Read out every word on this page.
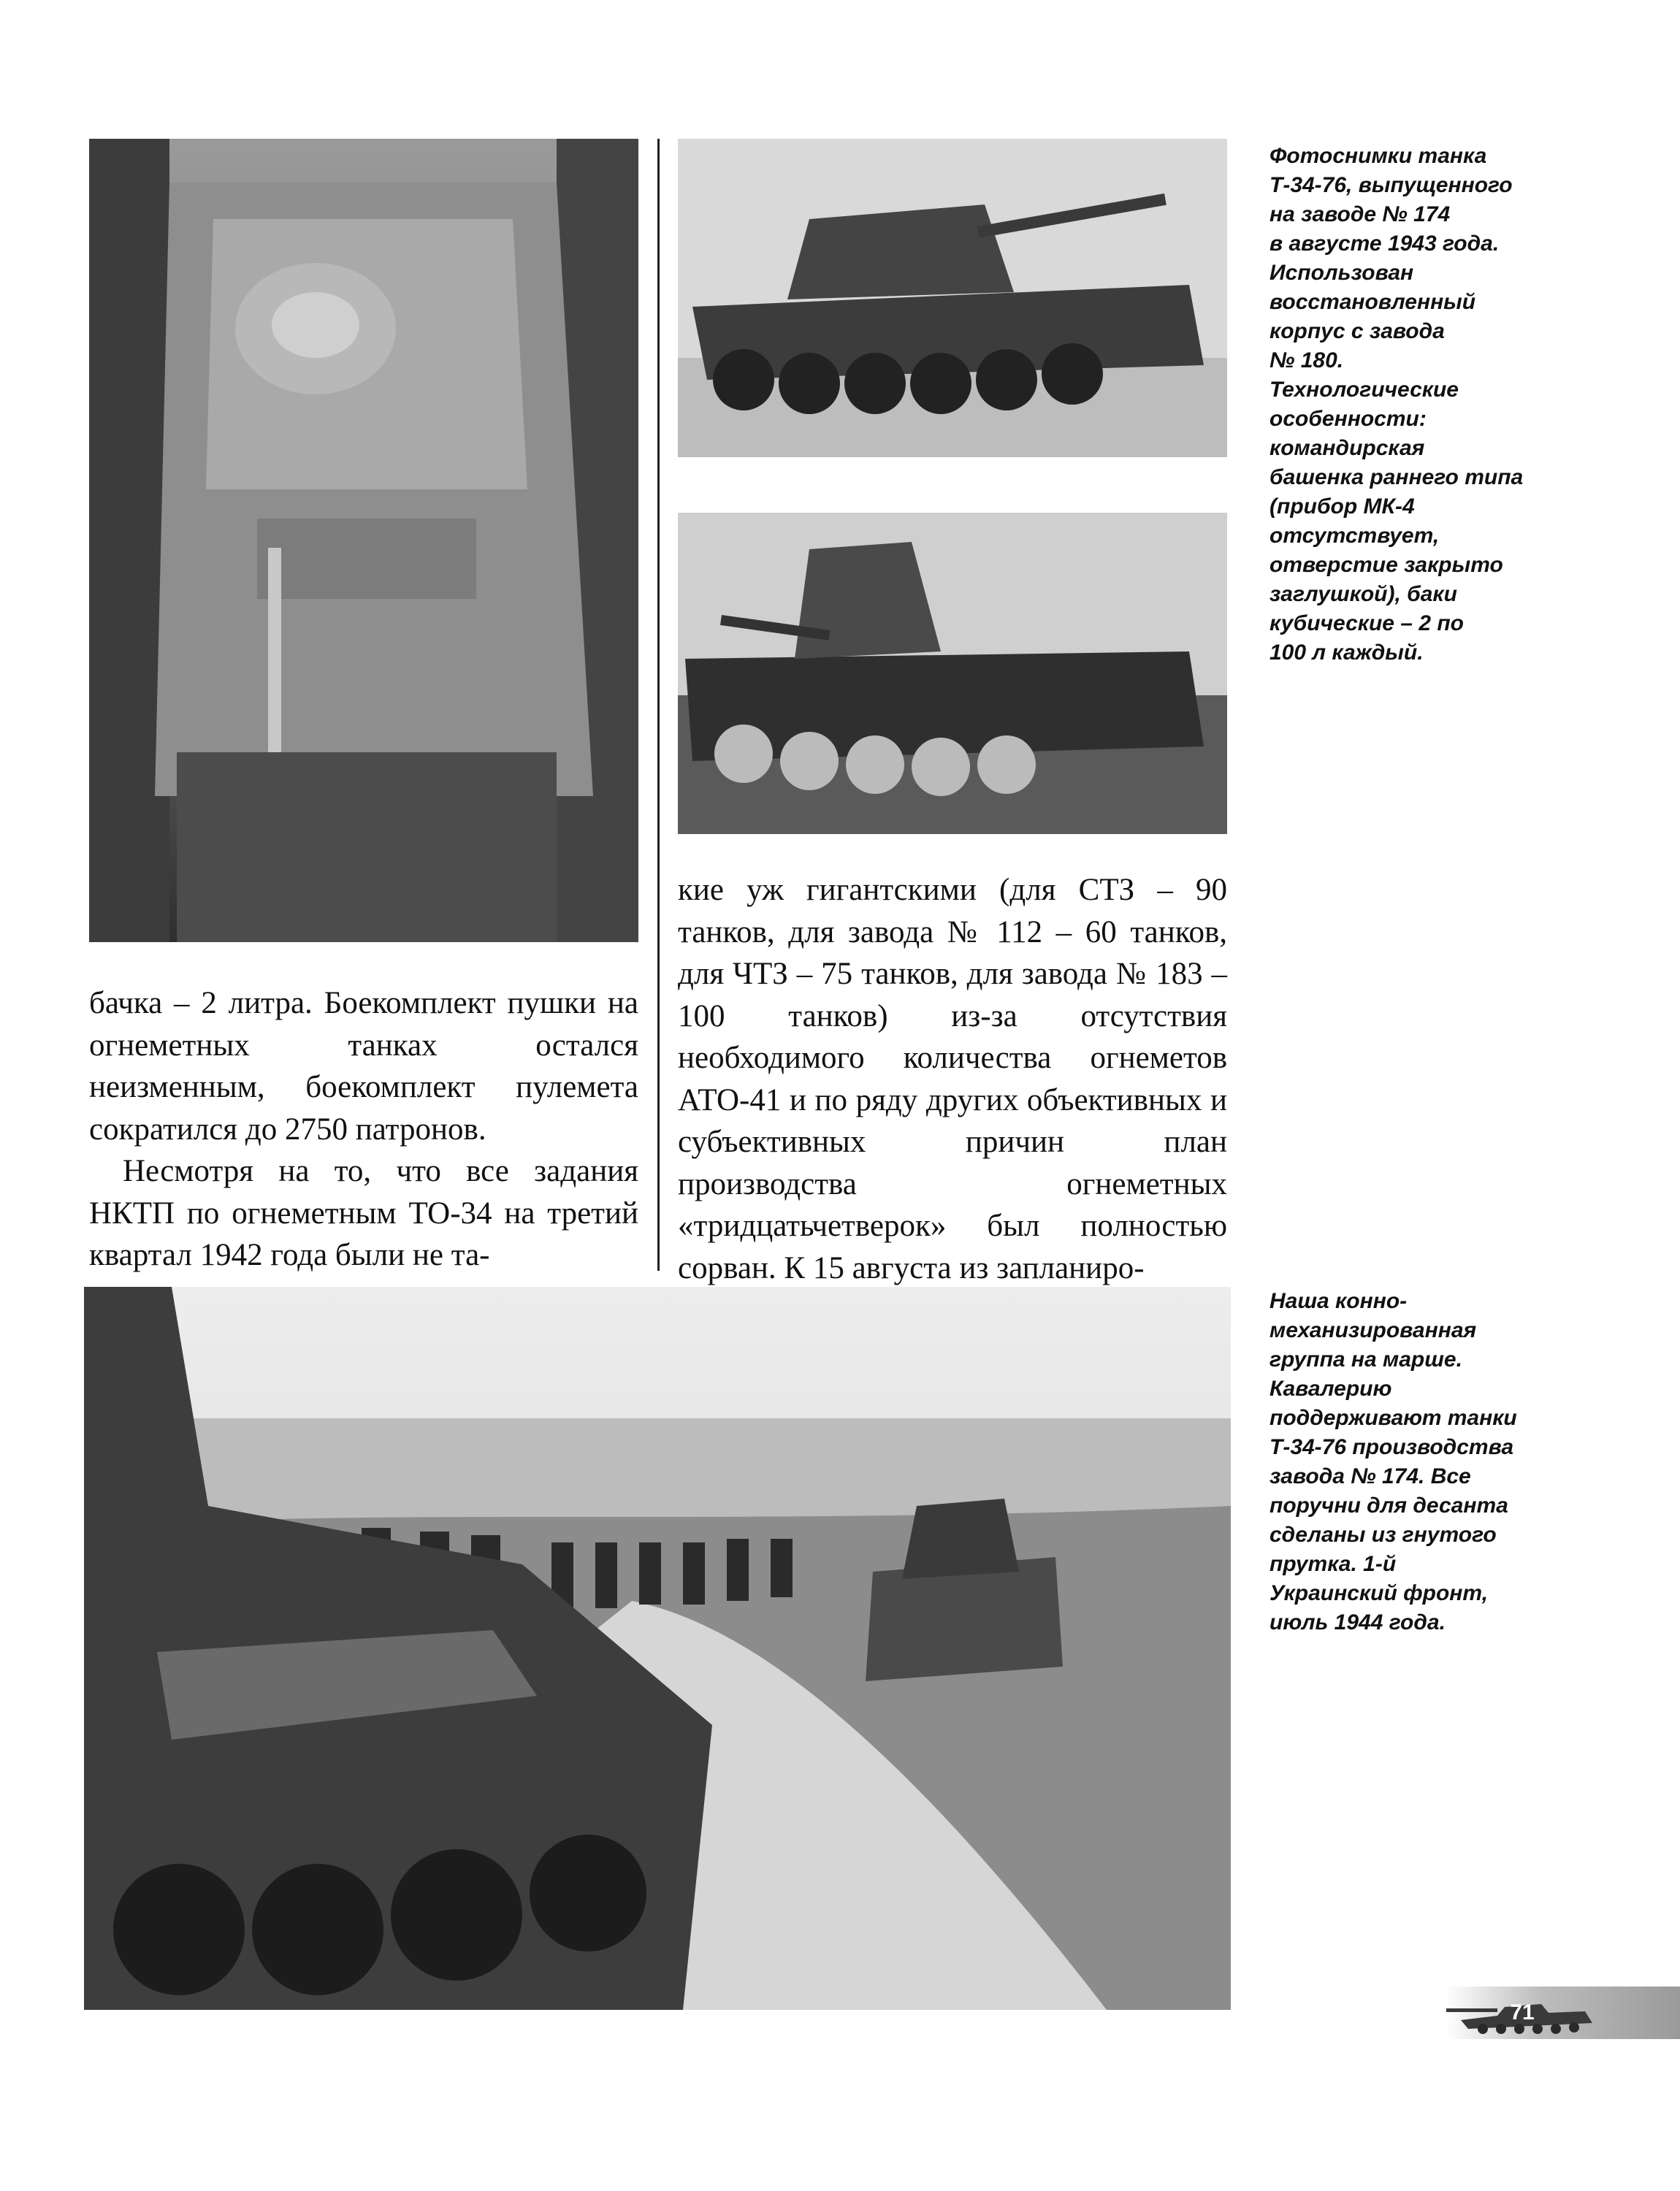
Фотоснимки танка
Т-34-76, выпущенного
на заводе № 174
в августе 1943 года.
Использован
восстановленный
корпус с завода
№ 180.
Технологические
особенности:
командирская
башенка раннего типа
(прибор МК-4
отсутствует,
отверстие закрыто
заглушкой), баки
кубические – 2 по
100 л каждый.

бачка – 2 литра. Боекомплект пушки на огнеметных танках остался неизменным, боекомплект пулемета сократился до 2750 патронов.

Несмотря на то, что все задания НКТП по огнеметным ТО-34 на третий квартал 1942 года были не та-

кие уж гигантскими (для СТЗ – 90 танков, для завода № 112 – 60 танков, для ЧТЗ – 75 танков, для завода № 183 – 100 танков) из-за отсутствия необходимого количества огнеметов АТО-41 и по ряду других объективных и субъективных причин план производства огнеметных «тридцатьчетверок» был полностью сорван. К 15 августа из запланиро-

Наша конно-
механизированная
группа на марше.
Кавалерию
поддерживают танки
Т-34-76 производства
завода № 174. Все
поручни для десанта
сделаны из гнутого
прутка. 1-й
Украинский фронт,
июль 1944 года.
71
